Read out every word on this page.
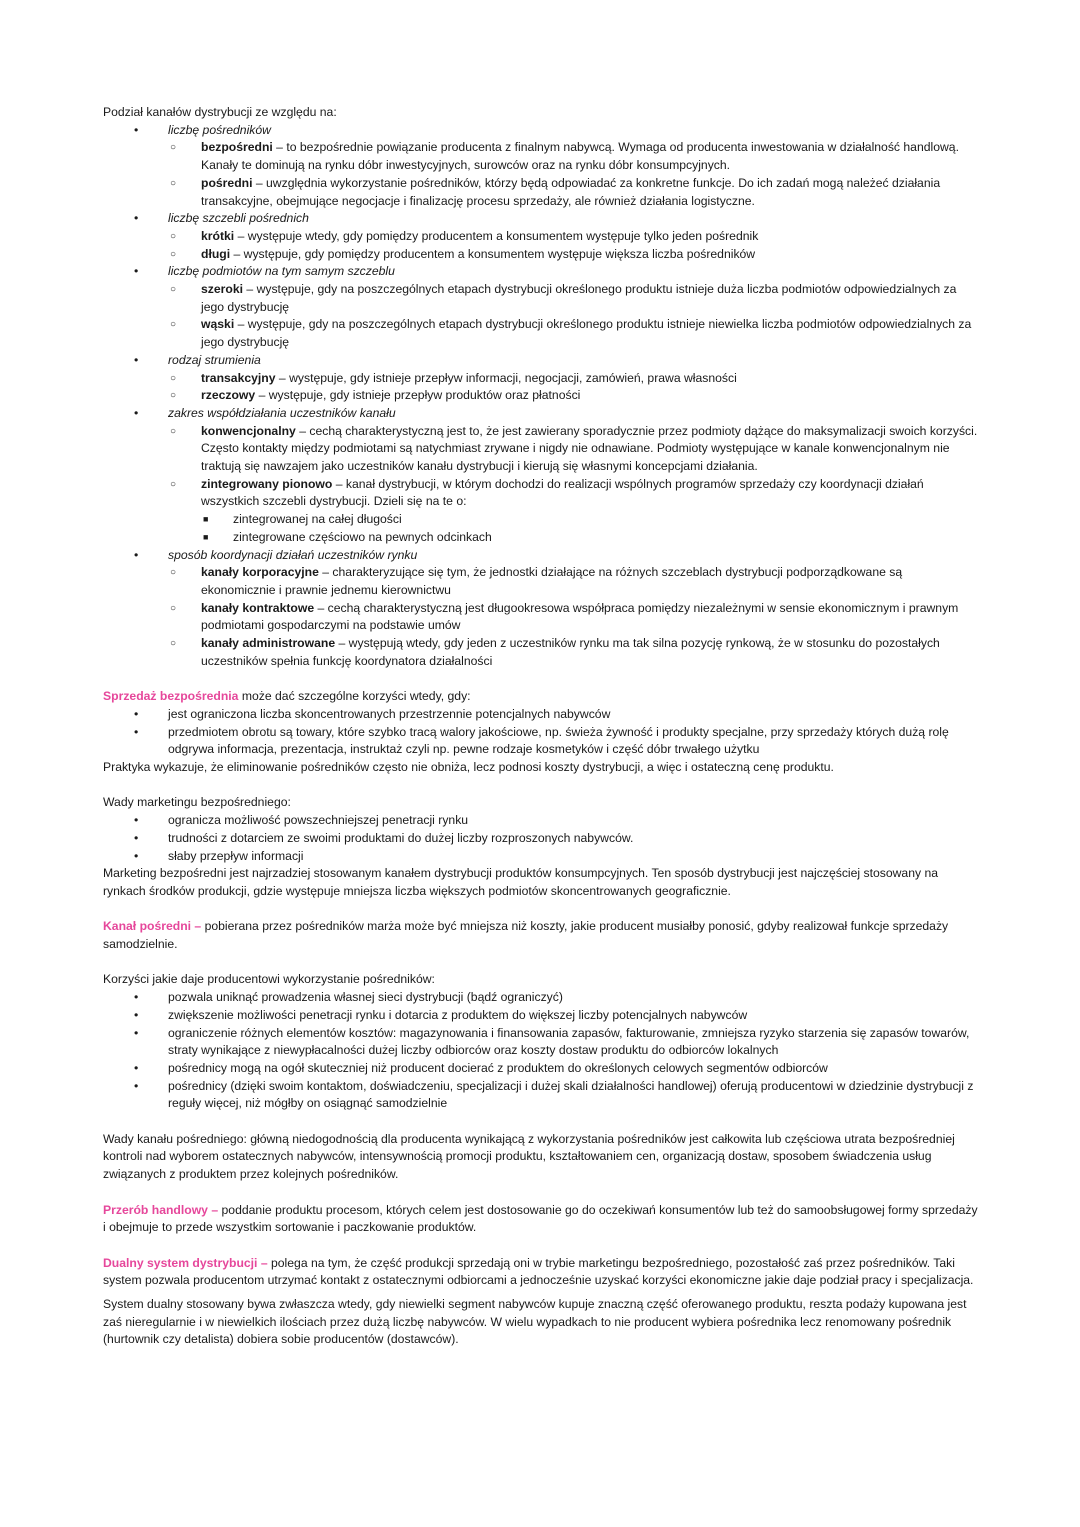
Podział kanałów dystrybucji ze względu na:

• liczbę pośredników
○ bezpośredni – to bezpośrednie powiązanie producenta z finalnym nabywcą. Wymaga od producenta inwestowania w działalność handlową. Kanały te dominują na rynku dóbr inwestycyjnych, surowców oraz na rynku dóbr konsumpcyjnych.
○ pośredni – uwzględnia wykorzystanie pośredników, którzy będą odpowiadać za konkretne funkcje. Do ich zadań mogą należeć działania transakcyjne, obejmujące negocjacje i finalizację procesu sprzedaży, ale również działania logistyczne.
• liczbę szczebli pośrednich
○ krótki – występuje wtedy, gdy pomiędzy producentem a konsumentem występuje tylko jeden pośrednik
○ długi – występuje, gdy pomiędzy producentem a konsumentem występuje większa liczba pośredników
• liczbę podmiotów na tym samym szczeblu
○ szeroki – występuje, gdy na poszczególnych etapach dystrybucji określonego produktu istnieje duża liczba podmiotów odpowiedzialnych za jego dystrybucję
○ wąski – występuje, gdy na poszczególnych etapach dystrybucji określonego produktu istnieje niewielka liczba podmiotów odpowiedzialnych za jego dystrybucję
• rodzaj strumienia
○ transakcyjny – występuje, gdy istnieje przepływ informacji, negocjacji, zamówień, prawa własności
○ rzeczowy – występuje, gdy istnieje przepływ produktów oraz płatności
• zakres współdziałania uczestników kanału
○ konwencjonalny – cechą charakterystyczną jest to, że jest zawierany sporadycznie przez podmioty dążące do maksymalizacji swoich korzyści. Często kontakty między podmiotami są natychmiast zrywane i nigdy nie odnawiane. Podmioty występujące w kanale konwencjonalnym nie traktują się nawzajem jako uczestników kanału dystrybucji i kierują się własnymi koncepcjami działania.
○ zintegrowany pionowo – kanał dystrybucji, w którym dochodzi do realizacji wspólnych programów sprzedaży czy koordynacji działań wszystkich szczebli dystrybucji. Dzieli się na te o:
■ zintegrowanej na całej długości
■ zintegrowane częściowo na pewnych odcinkach
• sposób koordynacji działań uczestników rynku
○ kanały korporacyjne – charakteryzujące się tym, że jednostki działające na różnych szczeblach dystrybucji podporządkowane są ekonomicznie i prawnie jednemu kierownictwu
○ kanały kontraktowe – cechą charakterystyczną jest długookresowa współpraca pomiędzy niezależnymi w sensie ekonomicznym i prawnym podmiotami gospodarczymi na podstawie umów
○ kanały administrowane – występują wtedy, gdy jeden z uczestników rynku ma tak silna pozycję rynkową, że w stosunku do pozostałych uczestników spełnia funkcję koordynatora działalności

Sprzedaż bezpośrednia może dać szczególne korzyści wtedy, gdy:

• jest ograniczona liczba skoncentrowanych przestrzennie potencjalnych nabywców
• przedmiotem obrotu są towary, które szybko tracą walory jakościowe, np. świeża żywność i produkty specjalne, przy sprzedaży których dużą rolę odgrywa informacja, prezentacja, instruktaż czyli np. pewne rodzaje kosmetyków i część dóbr trwałego użytku

Praktyka wykazuje, że eliminowanie pośredników często nie obniża, lecz podnosi koszty dystrybucji, a więc i ostateczną cenę produktu.

Wady marketingu bezpośredniego:

• ogranicza możliwość powszechniejszej penetracji rynku
• trudności z dotarciem ze swoimi produktami do dużej liczby rozproszonych nabywców.
• słaby przepływ informacji

Marketing bezpośredni jest najrzadziej stosowanym kanałem dystrybucji produktów konsumpcyjnych. Ten sposób dystrybucji jest najczęściej stosowany na rynkach środków produkcji, gdzie występuje mniejsza liczba większych podmiotów skoncentrowanych geograficznie.

Kanał pośredni – pobierana przez pośredników marża może być mniejsza niż koszty, jakie producent musiałby ponosić, gdyby realizował funkcje sprzedaży samodzielnie.

Korzyści jakie daje producentowi wykorzystanie pośredników:

• pozwala uniknąć prowadzenia własnej sieci dystrybucji (bądź ograniczyć)
• zwiększenie możliwości penetracji rynku i dotarcia z produktem do większej liczby potencjalnych nabywców
• ograniczenie różnych elementów kosztów: magazynowania i finansowania zapasów, fakturowanie, zmniejsza ryzyko starzenia się zapasów towarów, straty wynikające z niewypłacalności dużej liczby odbiorców oraz koszty dostaw produktu do odbiorców lokalnych
• pośrednicy mogą na ogół skuteczniej niż producent docierać z produktem do określonych celowych segmentów odbiorców
• pośrednicy (dzięki swoim kontaktom, doświadczeniu, specjalizacji i dużej skali działalności handlowej) oferują producentowi w dziedzinie dystrybucji z reguły więcej, niż mógłby on osiągnąć samodzielnie

Wady kanału pośredniego: główną niedogodnością dla producenta wynikającą z wykorzystania pośredników jest całkowita lub częściowa utrata bezpośredniej kontroli nad wyborem ostatecznych nabywców, intensywnością promocji produktu, kształtowaniem cen, organizacją dostaw, sposobem świadczenia usług związanych z produktem przez kolejnych pośredników.

Przerób handlowy – poddanie produktu procesom, których celem jest dostosowanie go do oczekiwań konsumentów lub też do samoobsługowej formy sprzedaży i obejmuje to przede wszystkim sortowanie i paczkowanie produktów.

Dualny system dystrybucji – polega na tym, że część produkcji sprzedają oni w trybie marketingu bezpośredniego, pozostałość zaś przez pośredników. Taki system pozwala producentom utrzymać kontakt z ostatecznymi odbiorcami a jednocześnie uzyskać korzyści ekonomiczne jakie daje podział pracy i specjalizacja.

System dualny stosowany bywa zwłaszcza wtedy, gdy niewielki segment nabywców kupuje znaczną część oferowanego produktu, reszta podaży kupowana jest zaś nieregularnie i w niewielkich ilościach przez dużą liczbę nabywców. W wielu wypadkach to nie producent wybiera pośrednika lecz renomowany pośrednik (hurtownik czy detalista) dobiera sobie producentów (dostawców).
